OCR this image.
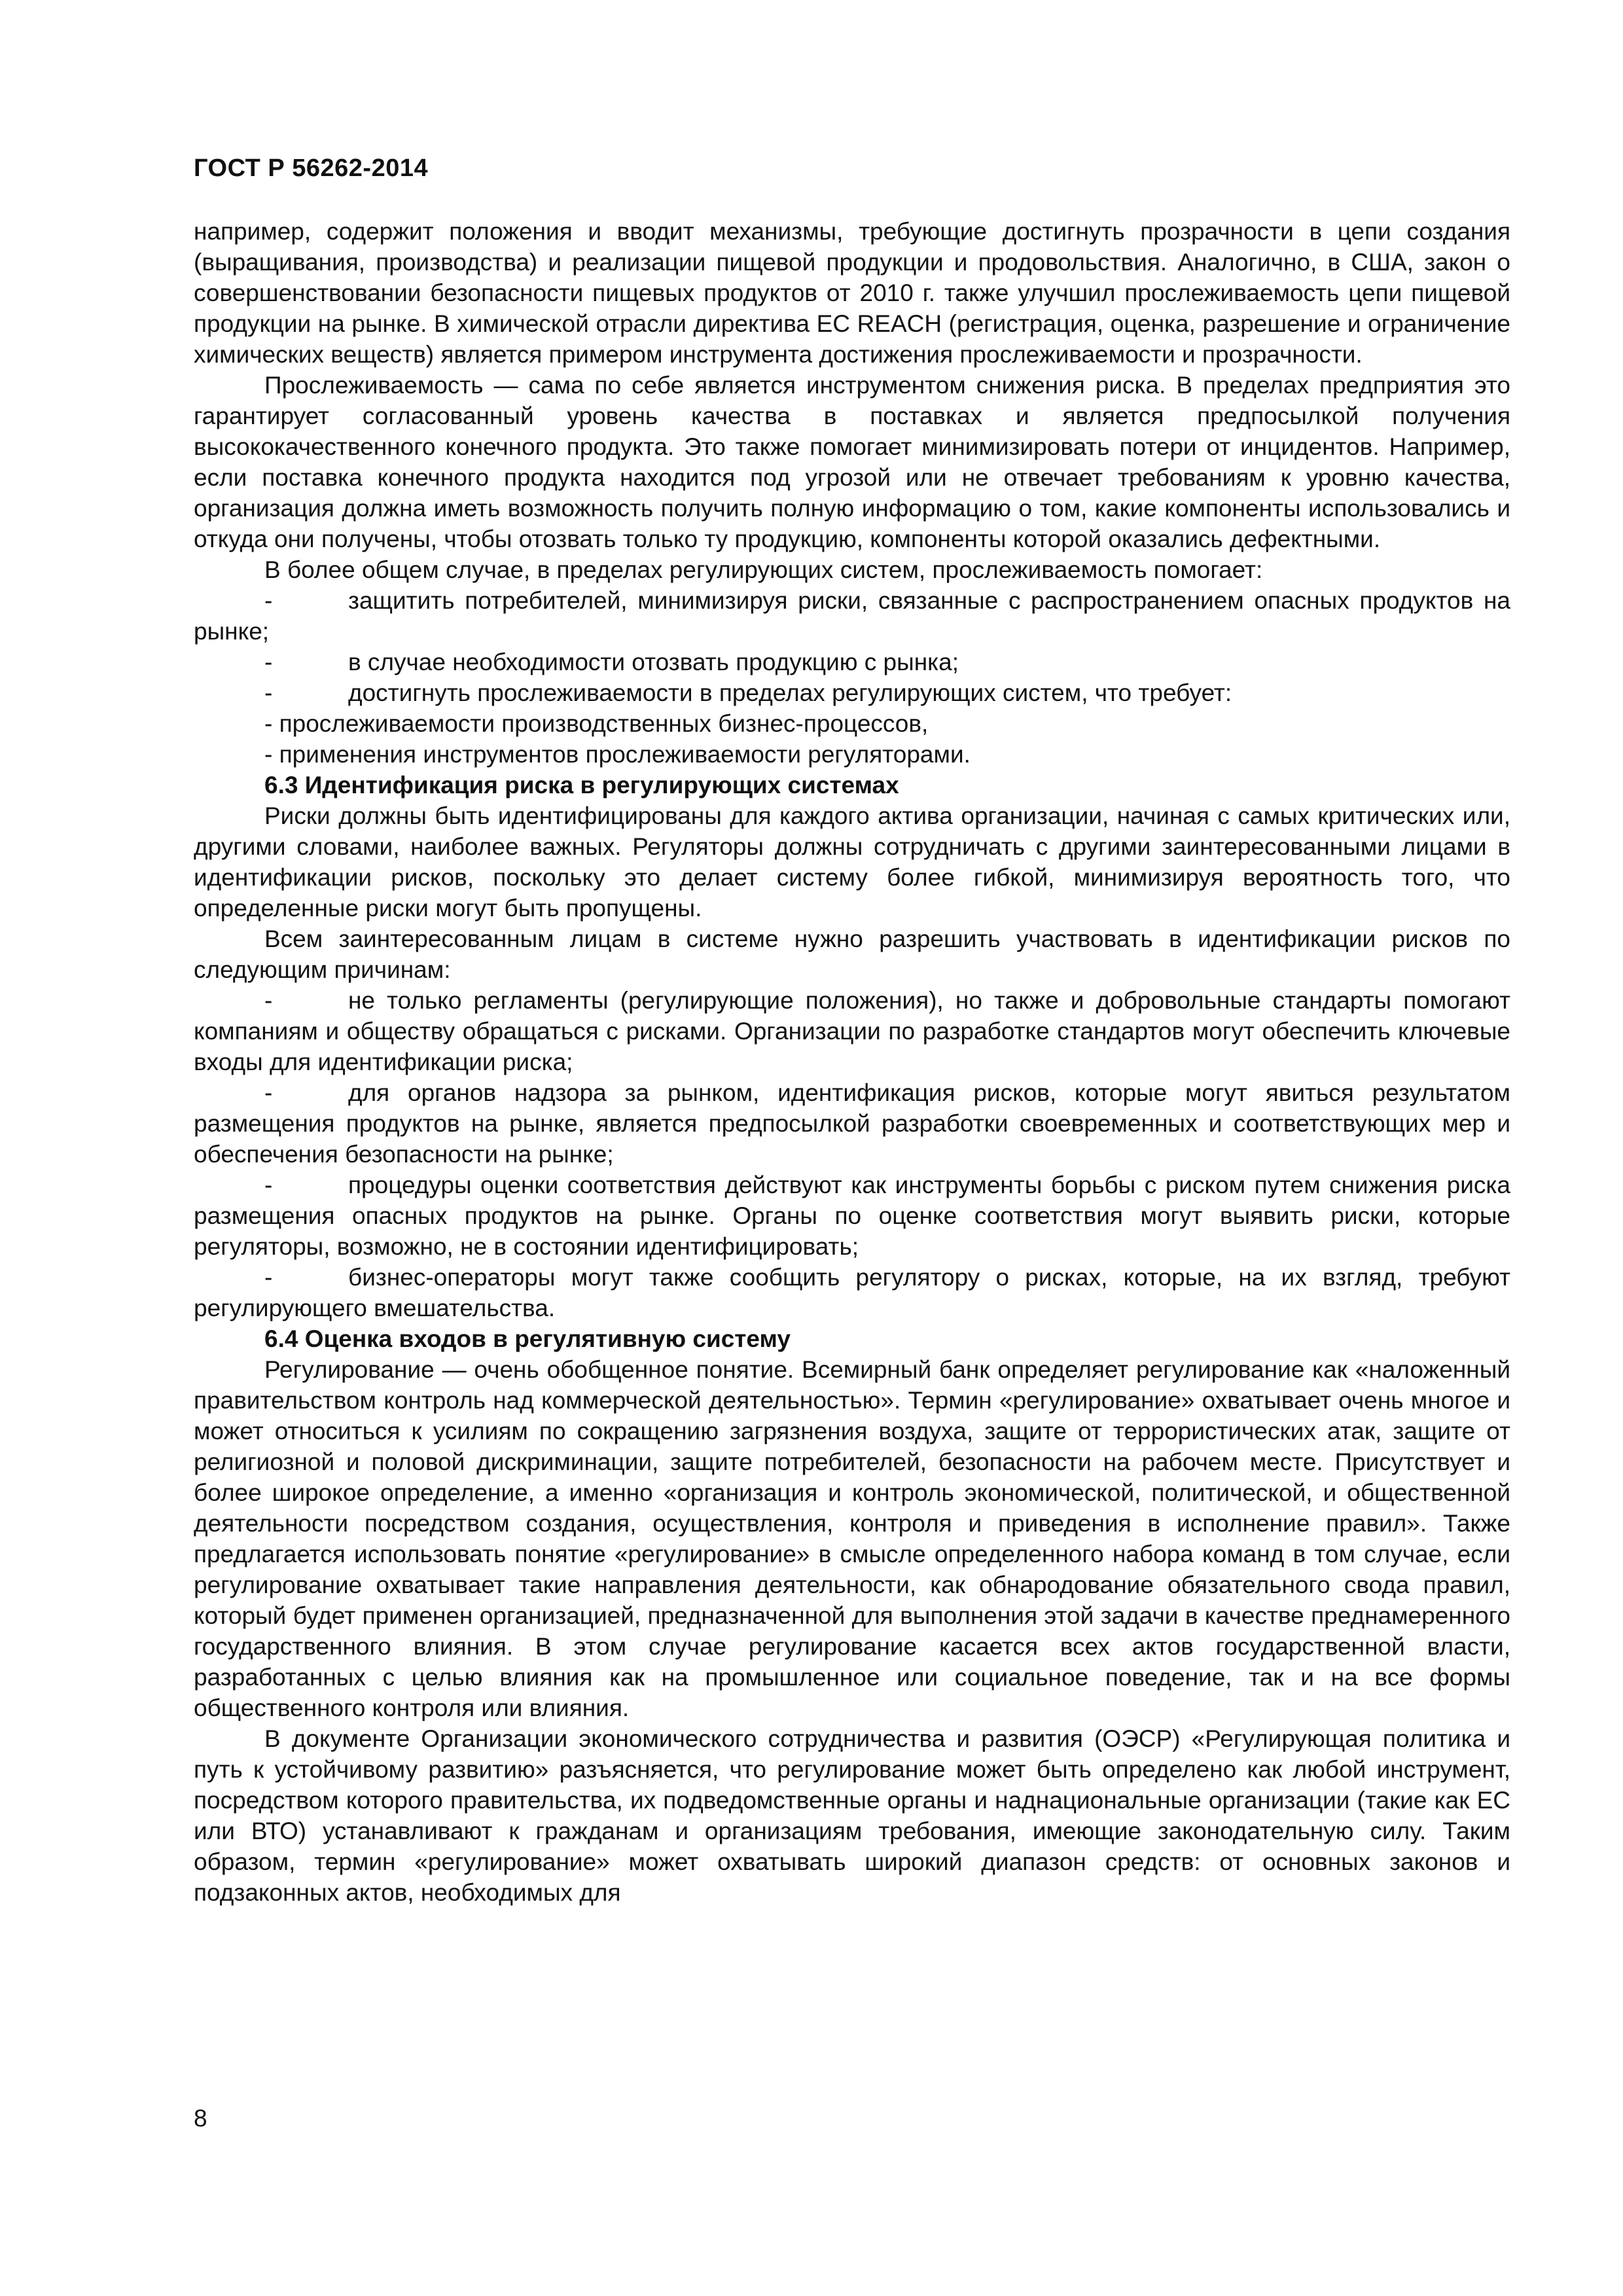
ГОСТ Р 56262-2014

например, содержит положения и вводит механизмы, требующие достигнуть прозрачности в цепи создания (выращивания, производства) и реализации пищевой продукции и продовольствия. Аналогично, в США, закон о совершенствовании безопасности пищевых продуктов от 2010 г. также улучшил прослеживаемость цепи пищевой продукции на рынке. В химической отрасли директива ЕС REACH (регистрация, оценка, разрешение и ограничение химических веществ) является примером инструмента достижения прослеживаемости и прозрачности.

Прослеживаемость — сама по себе является инструментом снижения риска. В пределах предприятия это гарантирует согласованный уровень качества в поставках и является предпосылкой получения высококачественного конечного продукта. Это также помогает минимизировать потери от инцидентов. Например, если поставка конечного продукта находится под угрозой или не отвечает требованиям к уровню качества, организация должна иметь возможность получить полную информацию о том, какие компоненты использовались и откуда они получены, чтобы отозвать только ту продукцию, компоненты которой оказались дефектными.

В более общем случае, в пределах регулирующих систем, прослеживаемость помогает:

-	защитить потребителей, минимизируя риски, связанные с распространением опасных продуктов на рынке;

-	в случае необходимости отозвать продукцию с рынка;

-	достигнуть прослеживаемости в пределах регулирующих систем, что требует:

- прослеживаемости производственных бизнес-процессов,

- применения инструментов прослеживаемости регуляторами.

6.3 Идентификация риска в регулирующих системах

Риски должны быть идентифицированы для каждого актива организации, начиная с самых критических или, другими словами, наиболее важных. Регуляторы должны сотрудничать с другими заинтересованными лицами в идентификации рисков, поскольку это делает систему более гибкой, минимизируя вероятность того, что определенные риски могут быть пропущены.

Всем заинтересованным лицам в системе нужно разрешить участвовать в идентификации рисков по следующим причинам:

-	не только регламенты (регулирующие положения), но также и добровольные стандарты помогают компаниям и обществу обращаться с рисками. Организации по разработке стандартов могут обеспечить ключевые входы для идентификации риска;

-	для органов надзора за рынком, идентификация рисков, которые могут явиться результатом размещения продуктов на рынке, является предпосылкой разработки своевременных и соответствующих мер и обеспечения безопасности на рынке;

-	процедуры оценки соответствия действуют как инструменты борьбы с риском путем снижения риска размещения опасных продуктов на рынке. Органы по оценке соответствия могут выявить риски, которые регуляторы, возможно, не в состоянии идентифицировать;

-	бизнес-операторы могут также сообщить регулятору о рисках, которые, на их взгляд, требуют регулирующего вмешательства.

6.4 Оценка входов в регулятивную систему

Регулирование — очень обобщенное понятие. Всемирный банк определяет регулирование как «наложенный правительством контроль над коммерческой деятельностью». Термин «регулирование» охватывает очень многое и может относиться к усилиям по сокращению загрязнения воздуха, защите от террористических атак, защите от религиозной и половой дискриминации, защите потребителей, безопасности на рабочем месте. Присутствует и более широкое определение, а именно «организация и контроль экономической, политической, и общественной деятельности посредством создания, осуществления, контроля и приведения в исполнение правил». Также предлагается использовать понятие «регулирование» в смысле определенного набора команд в том случае, если регулирование охватывает такие направления деятельности, как обнародование обязательного свода правил, который будет применен организацией, предназначенной для выполнения этой задачи в качестве преднамеренного государственного влияния. В этом случае регулирование касается всех актов государственной власти, разработанных с целью влияния как на промышленное или социальное поведение, так и на все формы общественного контроля или влияния.

В документе Организации экономического сотрудничества и развития (ОЭСР) «Регулирующая политика и путь к устойчивому развитию» разъясняется, что регулирование может быть определено как любой инструмент, посредством которого правительства, их подведомственные органы и наднациональные организации (такие как ЕС или ВТО) устанавливают к гражданам и организациям требования, имеющие законодательную силу. Таким образом, термин «регулирование» может охватывать широкий диапазон средств: от основных законов и подзаконных актов, необходимых для

8
